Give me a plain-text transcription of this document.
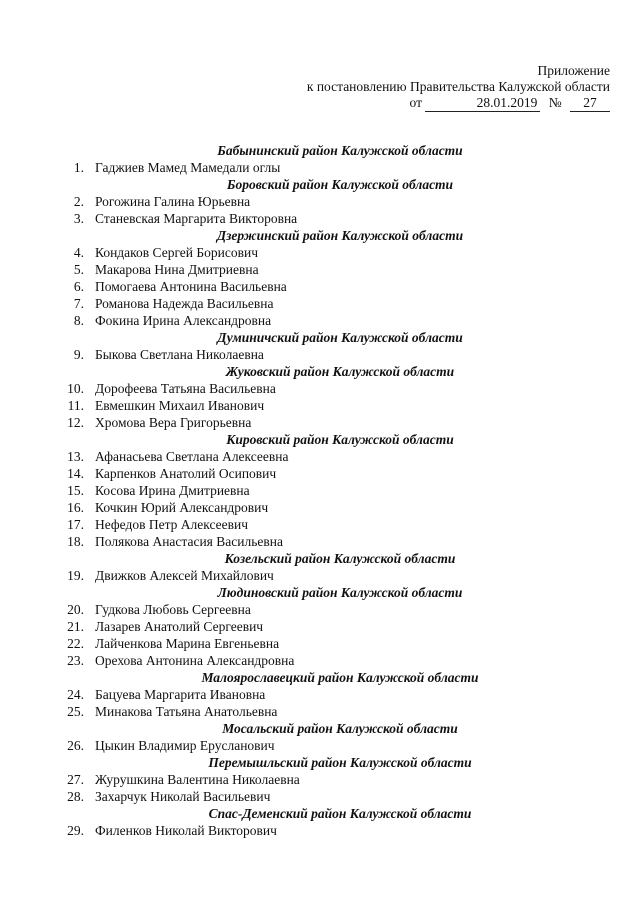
Приложение
к постановлению Правительства Калужской области
от	28.01.2019 № 27
Бабынинский район Калужской области
1. Гаджиев Мамед Мамедали оглы
Боровский район Калужской области
2. Рогожина Галина Юрьевна
3. Станевская Маргарита Викторовна
Дзержинский район Калужской области
4. Кондаков Сергей Борисович
5. Макарова Нина Дмитриевна
6. Помогаева Антонина Васильевна
7. Романова Надежда Васильевна
8. Фокина Ирина Александровна
Думиничский район Калужской области
9. Быкова Светлана Николаевна
Жуковский район Калужской области
10. Дорофеева Татьяна Васильевна
11. Евмешкин Михаил Иванович
12. Хромова Вера Григорьевна
Кировский район Калужской области
13. Афанасьева Светлана Алексеевна
14. Карпенков Анатолий Осипович
15. Косова Ирина Дмитриевна
16. Кочкин Юрий Александрович
17. Нефедов Петр Алексеевич
18. Полякова Анастасия Васильевна
Козельский район Калужской области
19. Движков Алексей Михайлович
Людиновский район Калужской области
20. Гудкова Любовь Сергеевна
21. Лазарев Анатолий Сергеевич
22. Лайченкова Марина Евгеньевна
23. Орехова Антонина Александровна
Малоярославецкий район Калужской области
24. Бацуева Маргарита Ивановна
25. Минакова Татьяна Анатольевна
Мосальский район Калужской области
26. Цыкин Владимир Ерусланович
Перемышльский район Калужской области
27. Журушкина Валентина Николаевна
28. Захарчук Николай Васильевич
Спас-Деменский район Калужской области
29. Филенков Николай Викторович
